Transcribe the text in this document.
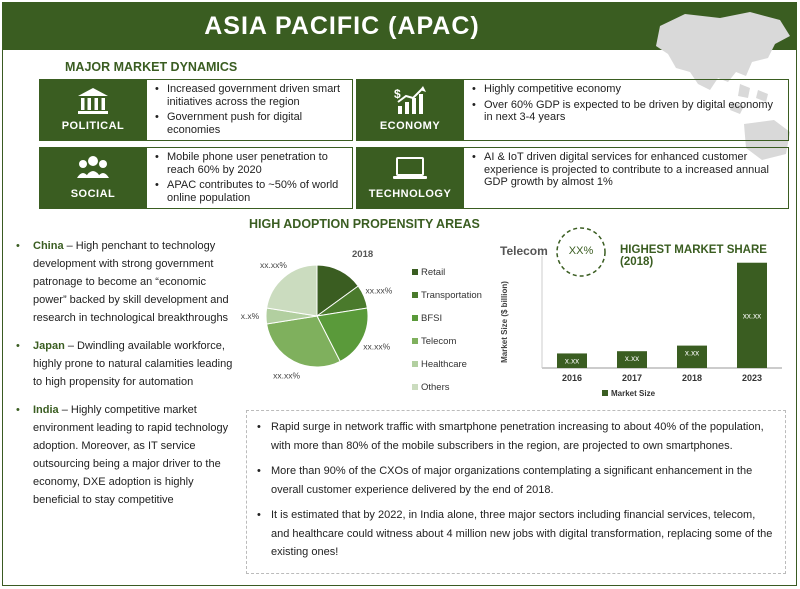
ASIA PACIFIC (APAC)
MAJOR MARKET DYNAMICS
POLITICAL
• Increased government driven smart initiatives across the region
• Government push for digital economies
$
ECONOMY
• Highly competitive economy
• Over 60% GDP is expected to be driven by digital economy in next 3-4 years
SOCIAL
• Mobile phone user penetration to reach 60% by 2020
• APAC contributes to ~50% of world online population	TECHNOLOGY
• AI & IoT driven digital services for enhanced customer experience is projected to contribute to a increased annual GDP growth by almost 1%
HIGH ADOPTION PROPENSITY AREAS
• China – High penchant to technology development with strong government patronage to become an “economic power” backed by skill development and research in technological breakthroughs
• Japan – Dwindling available workforce, highly prone to natural calamities leading to high propensity for automation
• India – Highly competitive market environment leading to rapid technology adoption. Moreover, as IT service outsourcing being a major driver to the economy, DXE adoption is highly beneficial to stay competitive
2018
xx.xx%
xx.xx%
xx.xx%
x.x%
xx.xx%
Retail
Transportation
BFSI
Telecom
Healthcare
Others
Telecom	XX%	HIGHEST MARKET SHARE (2018)
x.xx
2016
x.xx
2017
x.xx
2018
xx.xx
2023
Market Size ($ billion)
Market Size
• Rapid surge in network traffic with smartphone penetration increasing to about 40% of the population, with more than 80% of the mobile subscribers in the region, are projected to own smartphones.
• More than 90% of the CXOs of major organizations contemplating a significant enhancement in the overall customer experience delivered by the end of 2018.
• It is estimated that by 2022, in India alone, three major sectors including financial services, telecom, and healthcare could witness about 4 million new jobs with digital transformation, replacing some of the existing ones!
